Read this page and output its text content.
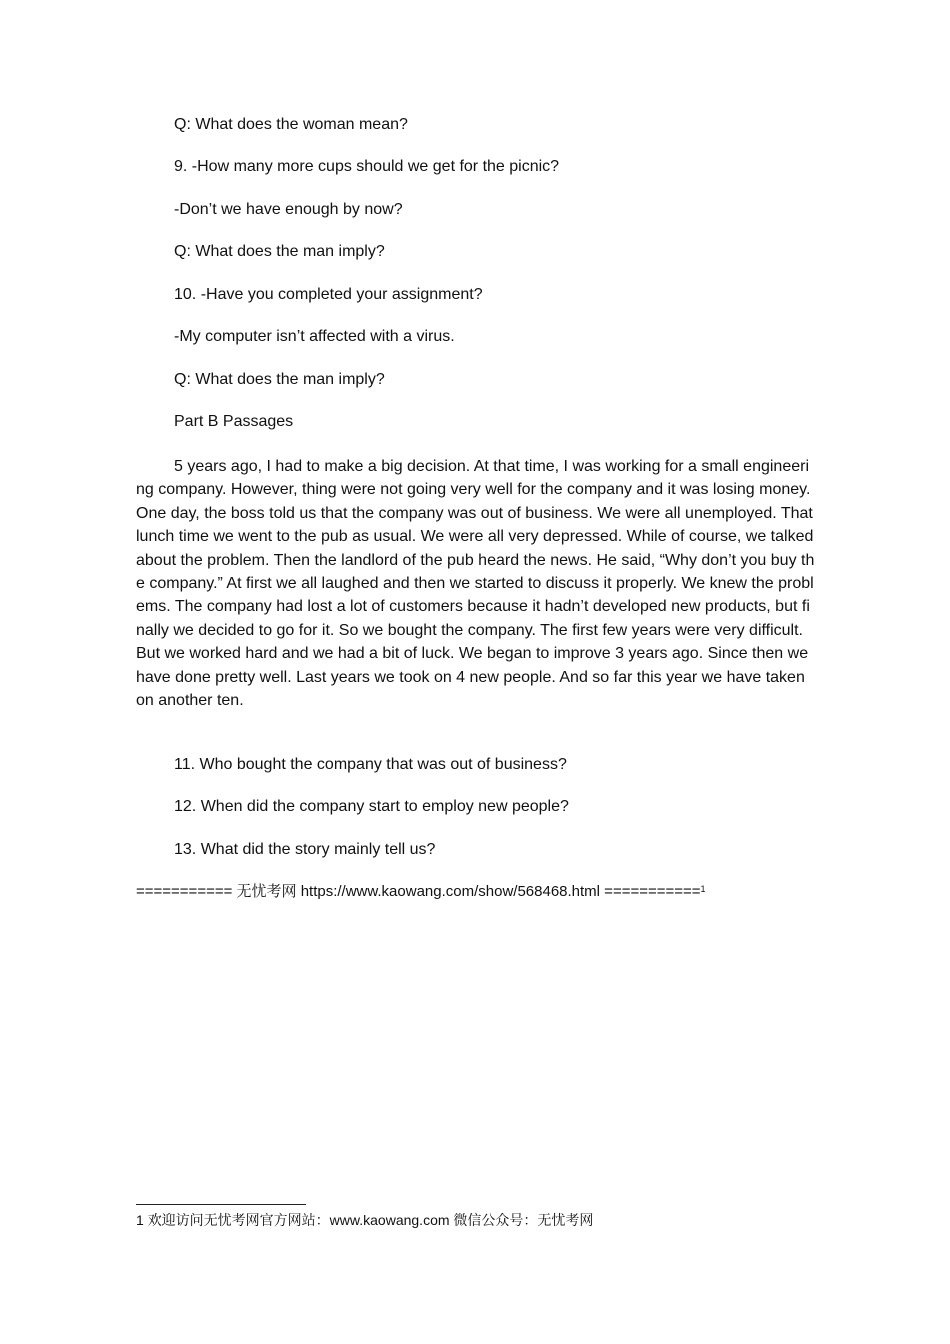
Q: What does the woman mean?
9. -How many more cups should we get for the picnic?
-Don’t we have enough by now?
Q: What does the man imply?
10. -Have you completed your assignment?
-My computer isn’t affected with a virus.
Q: What does the man imply?
Part B Passages

5 years ago, I had to make a big decision. At that time, I was working for a small engineering company. However, thing were not going very well for the company and it was losing money. One day, the boss told us that the company was out of business. We were all unemployed. That lunch time we went to the pub as usual. We were all very depressed. While of course, we talked about the problem. Then the landlord of the pub heard the news. He said, “Why don’t you buy the company.” At first we all laughed and then we started to discuss it properly. We knew the problems. The company had lost a lot of customers because it hadn’t developed new products, but finally we decided to go for it. So we bought the company. The first few years were very difficult. But we worked hard and we had a bit of luck. We began to improve 3 years ago. Since then we have done pretty well. Last years we took on 4 new people. And so far this year we have taken on another ten.

11. Who bought the company that was out of business?
12. When did the company start to employ new people?
13. What did the story mainly tell us?
=========== 无忧考网 https://www.kaowang.com/show/568468.html ===========$^1$
1 欢迎访问无忧考网官方网站：www.kaowang.com 微信公众号：无忧考网
